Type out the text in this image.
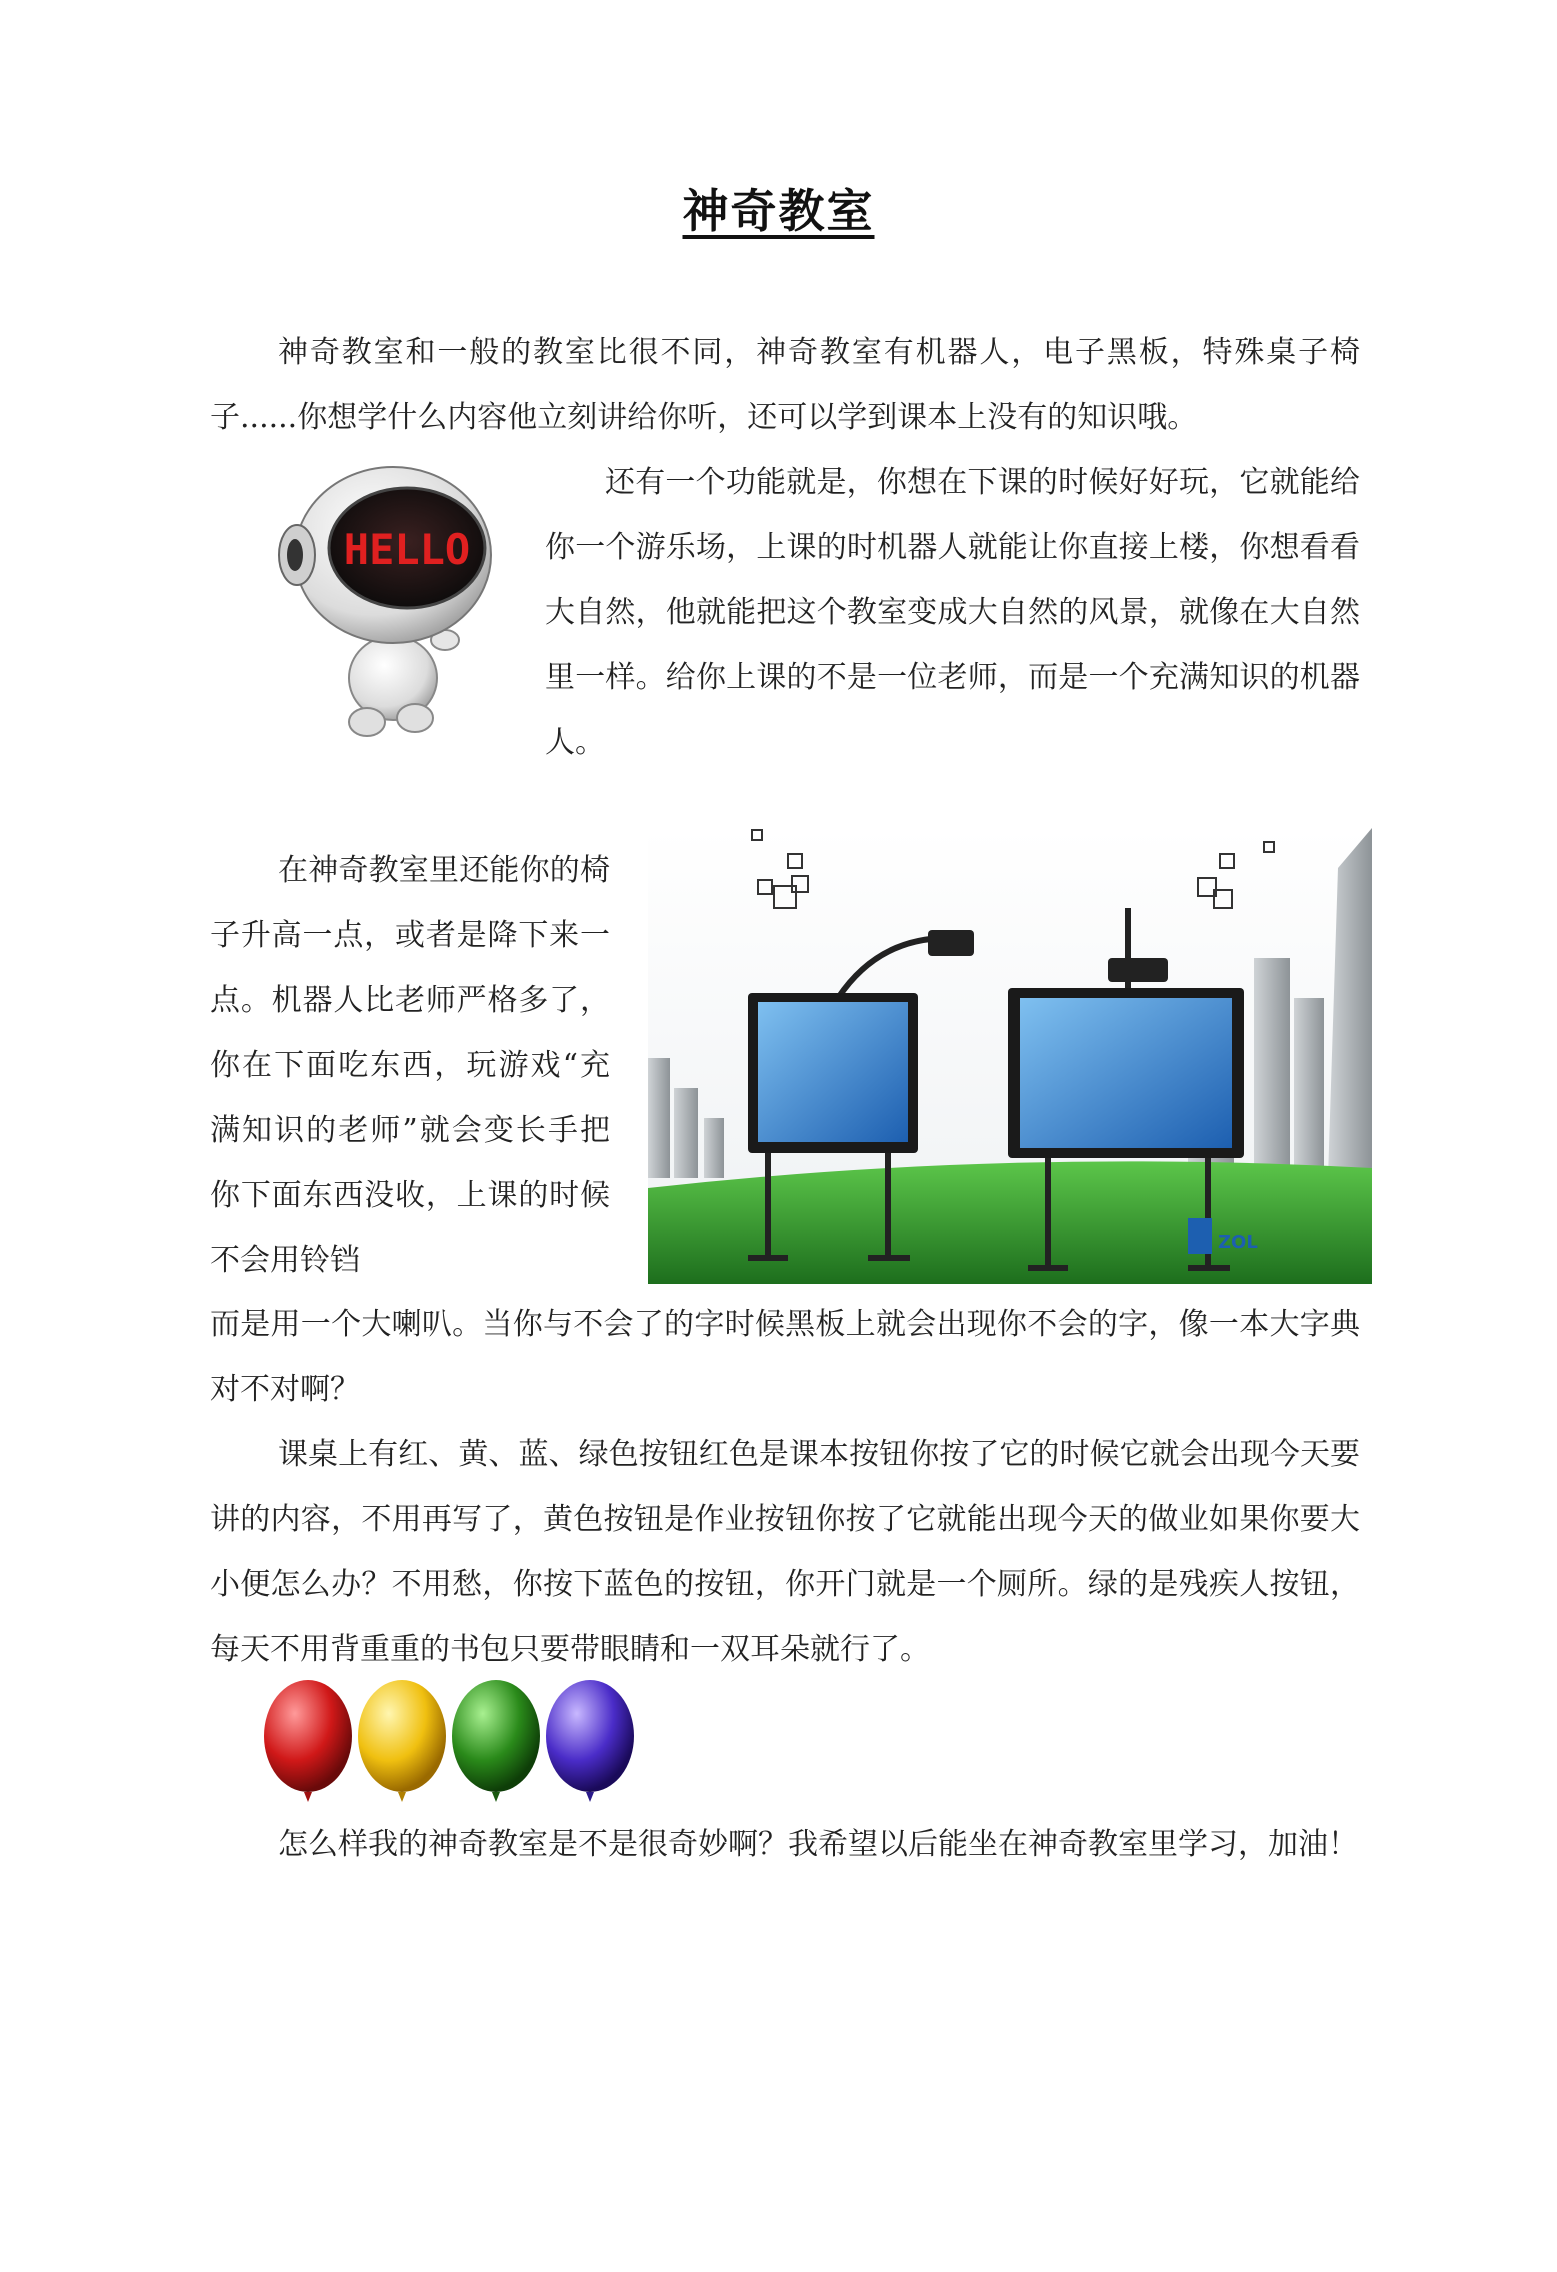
神奇教室

神奇教室和一般的教室比很不同，神奇教室有机器人，电子黑板，特殊桌子椅子......你想学什么内容他立刻讲给你听，还可以学到课本上没有的知识哦。

HELLO

还有一个功能就是，你想在下课的时候好好玩，它就能给你一个游乐场，上课的时机器人就能让你直接上楼，你想看看大自然，他就能把这个教室变成大自然的风景，就像在大自然里一样。给你上课的不是一位老师，而是一个充满知识的机器人。

在神奇教室里还能你的椅子升高一点，或者是降下来一点。机器人比老师严格多了，你在下面吃东西，玩游戏“充满知识的老师”就会变长手把你下面东西没收，上课的时候不会用铃铛

ZOL

而是用一个大喇叭。当你与不会了的字时候黑板上就会出现你不会的字，像一本大字典对不对啊？

课桌上有红、黄、蓝、绿色按钮红色是课本按钮你按了它的时候它就会出现今天要讲的内容，不用再写了，黄色按钮是作业按钮你按了它就能出现今天的做业如果你要大小便怎么办？不用愁，你按下蓝色的按钮，你开门就是一个厕所。绿的是残疾人按钮，每天不用背重重的书包只要带眼睛和一双耳朵就行了。

怎么样我的神奇教室是不是很奇妙啊？我希望以后能坐在神奇教室里学习，加油！
